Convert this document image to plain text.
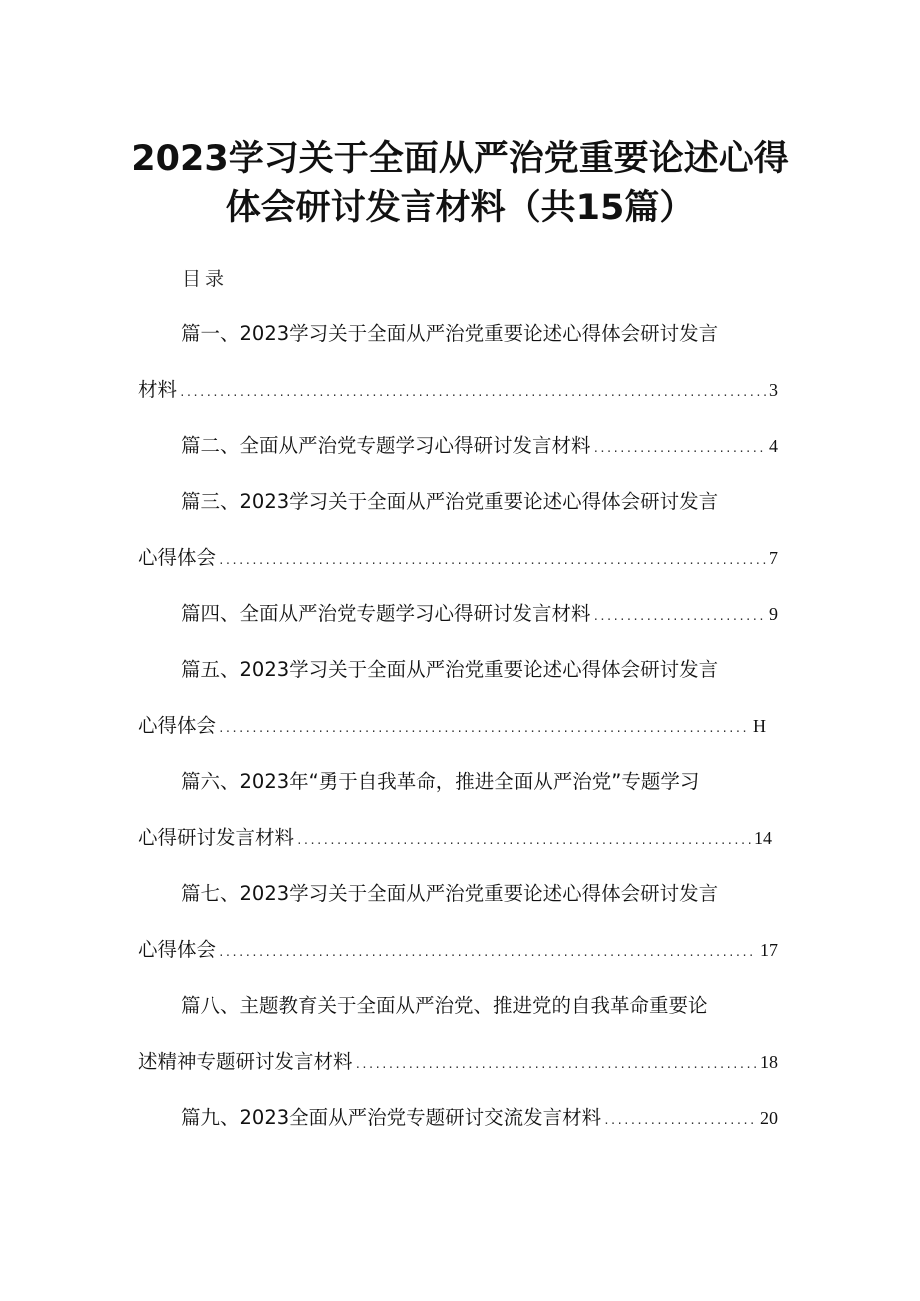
2023学习关于全面从严治党重要论述心得
体会研讨发言材料（共15篇）
目录
篇一、2023学习关于全面从严治党重要论述心得体会研讨发言
材料 .....	3
篇二、全面从严治党专题学习心得研讨发言材料 .....	4
篇三、2023学习关于全面从严治党重要论述心得体会研讨发言
心得体会 .....	7
篇四、全面从严治党专题学习心得研讨发言材料 .....	9
篇五、2023学习关于全面从严治党重要论述心得体会研讨发言
心得体会 .....	H
篇六、2023年“勇于自我革命，推进全面从严治党”专题学习
心得研讨发言材料 .....	14
篇七、2023学习关于全面从严治党重要论述心得体会研讨发言
心得体会 .....	17
篇八、主题教育关于全面从严治党、推进党的自我革命重要论
述精神专题研讨发言材料 .....	18
篇九、2023全面从严治党专题研讨交流发言材料 .....	20
